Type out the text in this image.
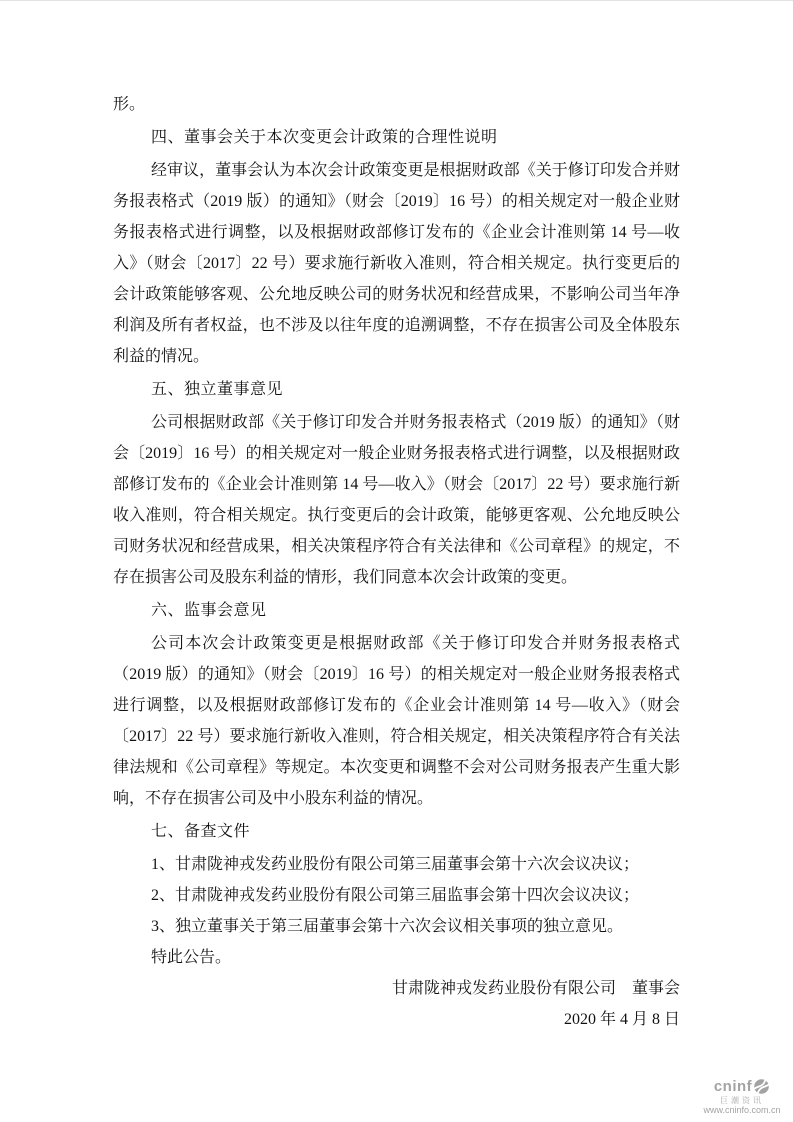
形。

四、董事会关于本次变更会计政策的合理性说明

经审议，董事会认为本次会计政策变更是根据财政部《关于修订印发合并财务报表格式（2019 版）的通知》（财会〔2019〕16 号）的相关规定对一般企业财务报表格式进行调整，以及根据财政部修订发布的《企业会计准则第 14 号—收入》（财会〔2017〕22 号）要求施行新收入准则，符合相关规定。执行变更后的会计政策能够客观、公允地反映公司的财务状况和经营成果，不影响公司当年净利润及所有者权益，也不涉及以往年度的追溯调整，不存在损害公司及全体股东利益的情况。

五、独立董事意见

公司根据财政部《关于修订印发合并财务报表格式（2019 版）的通知》（财会〔2019〕16 号）的相关规定对一般企业财务报表格式进行调整，以及根据财政部修订发布的《企业会计准则第 14 号—收入》（财会〔2017〕22 号）要求施行新收入准则，符合相关规定。执行变更后的会计政策，能够更客观、公允地反映公司财务状况和经营成果，相关决策程序符合有关法律和《公司章程》的规定，不存在损害公司及股东利益的情形，我们同意本次会计政策的变更。

六、监事会意见

公司本次会计政策变更是根据财政部《关于修订印发合并财务报表格式（2019 版）的通知》（财会〔2019〕16 号）的相关规定对一般企业财务报表格式进行调整，以及根据财政部修订发布的《企业会计准则第 14 号—收入》（财会〔2017〕22 号）要求施行新收入准则，符合相关规定，相关决策程序符合有关法律法规和《公司章程》等规定。本次变更和调整不会对公司财务报表产生重大影响，不存在损害公司及中小股东利益的情况。

七、备查文件

1、甘肃陇神戎发药业股份有限公司第三届董事会第十六次会议决议；

2、甘肃陇神戎发药业股份有限公司第三届监事会第十四次会议决议；

3、独立董事关于第三届董事会第十六次会议相关事项的独立意见。

特此公告。

甘肃陇神戎发药业股份有限公司　董事会

2020 年 4 月 8 日

cninf
巨潮资讯
www.cninfo.com.cn
